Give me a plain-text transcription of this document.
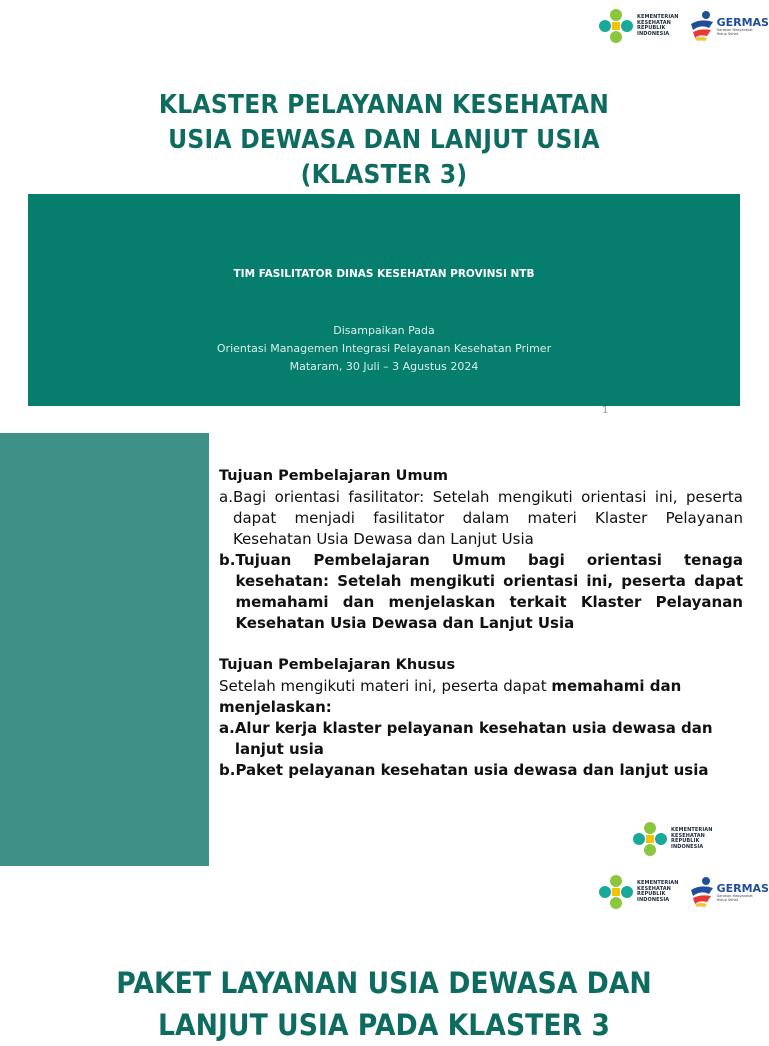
KEMENTERIAN
KESEHATAN
REPUBLIK
INDONESIA
GERMAS
Gerakan Masyarakat
Hidup Sehat
KLASTER PELAYANAN KESEHATAN
USIA DEWASA DAN LANJUT USIA
(KLASTER 3)
TIM FASILITATOR DINAS KESEHATAN PROVINSI NTB
Disampaikan Pada
Orientasi Managemen Integrasi Pelayanan Kesehatan Primer
Mataram, 30 Juli – 3 Agustus 2024
1
Tujuan Pembelajaran Umum
a. Bagi orientasi fasilitator: Setelah mengikuti orientasi ini, peserta dapat menjadi fasilitator dalam materi Klaster Pelayanan Kesehatan Usia Dewasa dan Lanjut Usia
b. Tujuan Pembelajaran Umum bagi orientasi tenaga kesehatan: Setelah mengikuti orientasi ini, peserta dapat memahami dan menjelaskan terkait Klaster Pelayanan Kesehatan Usia Dewasa dan Lanjut Usia
Tujuan Pembelajaran Khusus
Setelah mengikuti materi ini, peserta dapat memahami dan menjelaskan:
a. Alur kerja klaster pelayanan kesehatan usia dewasa dan lanjut usia
b. Paket pelayanan kesehatan usia dewasa dan lanjut usia
KEMENTERIAN
KESEHATAN
REPUBLIK
INDONESIA
KEMENTERIAN
KESEHATAN
REPUBLIK
INDONESIA
GERMAS
Gerakan Masyarakat
Hidup Sehat
PAKET LAYANAN USIA DEWASA DAN
LANJUT USIA PADA KLASTER 3
